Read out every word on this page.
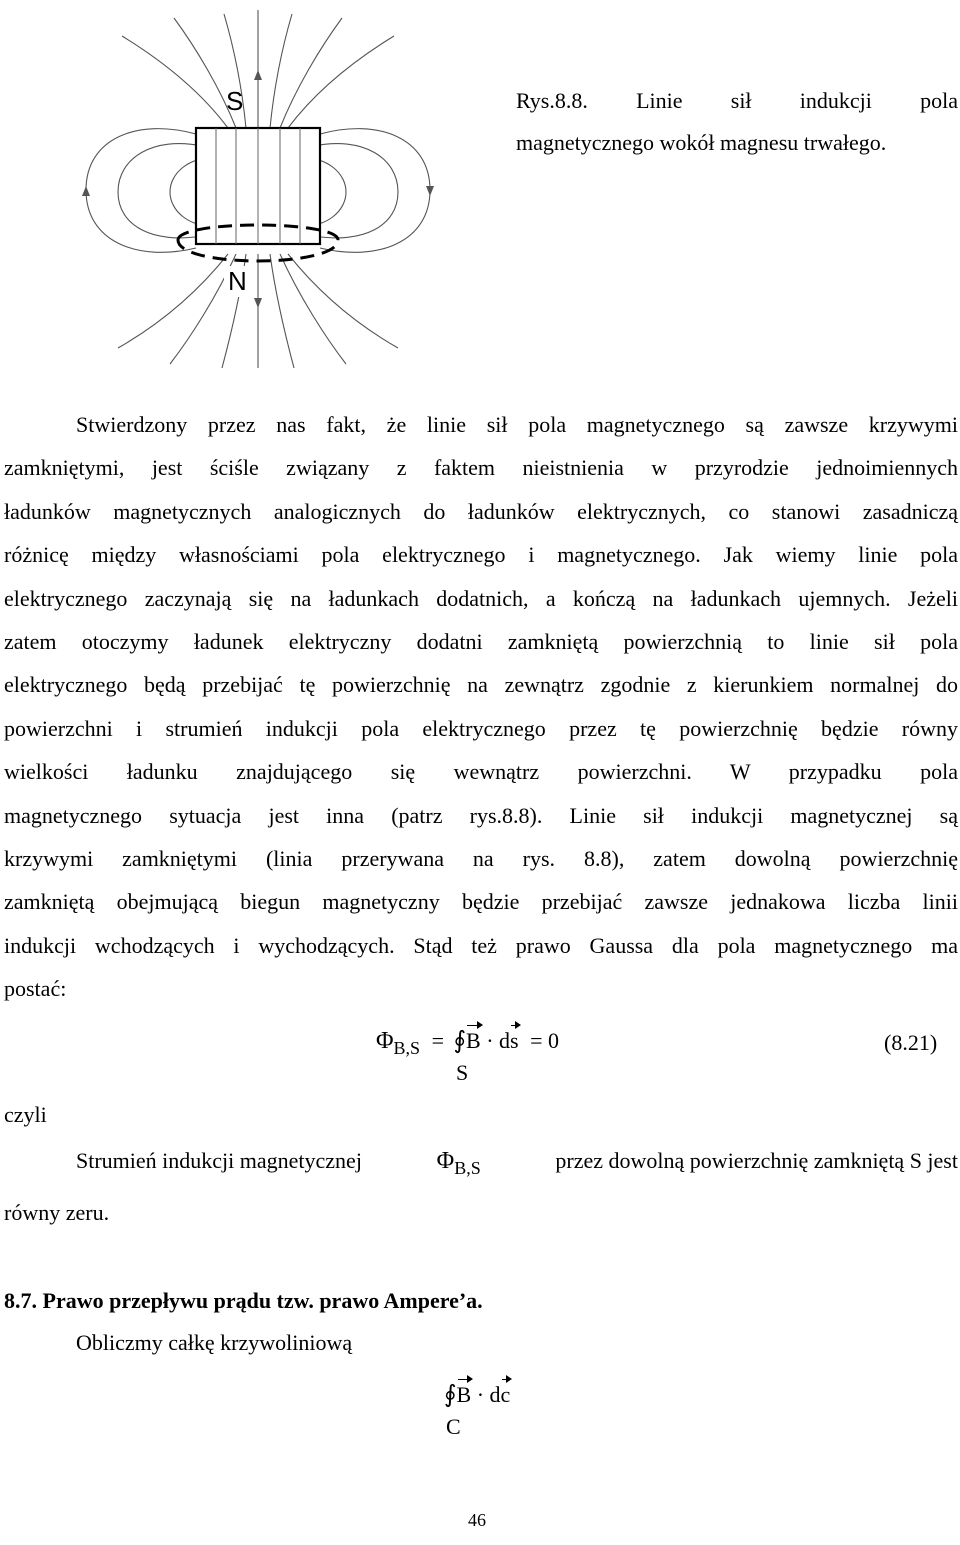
S
N
Rys.8.8. Linie sił indukcji pola
magnetycznego wokół magnesu trwałego.
Stwierdzony przez nas fakt, że linie sił pola magnetycznego są zawsze krzywymi
zamkniętymi, jest ściśle związany z faktem nieistnienia w przyrodzie jednoimiennych
ładunków magnetycznych analogicznych do ładunków elektrycznych, co stanowi zasadniczą
różnicę między własnościami pola elektrycznego i magnetycznego. Jak wiemy linie pola
elektrycznego zaczynają się na ładunkach dodatnich, a kończą na ładunkach ujemnych. Jeżeli
zatem otoczymy ładunek elektryczny dodatni zamkniętą powierzchnią to linie sił pola
elektrycznego będą przebijać tę powierzchnię na zewnątrz zgodnie z kierunkiem normalnej do
powierzchni i strumień indukcji pola elektrycznego przez tę powierzchnię będzie równy
wielkości ładunku znajdującego się wewnątrz powierzchni. W przypadku pola
magnetycznego sytuacja jest inna (patrz rys.8.8). Linie sił indukcji magnetycznej są
krzywymi zamkniętymi (linia przerywana na rys. 8.8), zatem dowolną powierzchnię
zamkniętą obejmującą biegun magnetyczny będzie przebijać zawsze jednakowa liczba linii
indukcji wchodzących i wychodzących. Stąd też prawo Gaussa dla pola magnetycznego ma
postać:
$\Phi_{B,S}$ = ∮B · ds = 0
S
(8.21)
czyli
Strumień indukcji magnetycznej	$\Phi_{B,S}$	przez dowolną powierzchnię zamkniętą S jest
równy zeru.
8.7. Prawo przepływu prądu tzw. prawo Ampere’a.
Obliczmy całkę krzywoliniową
∮B · dc
C
46
